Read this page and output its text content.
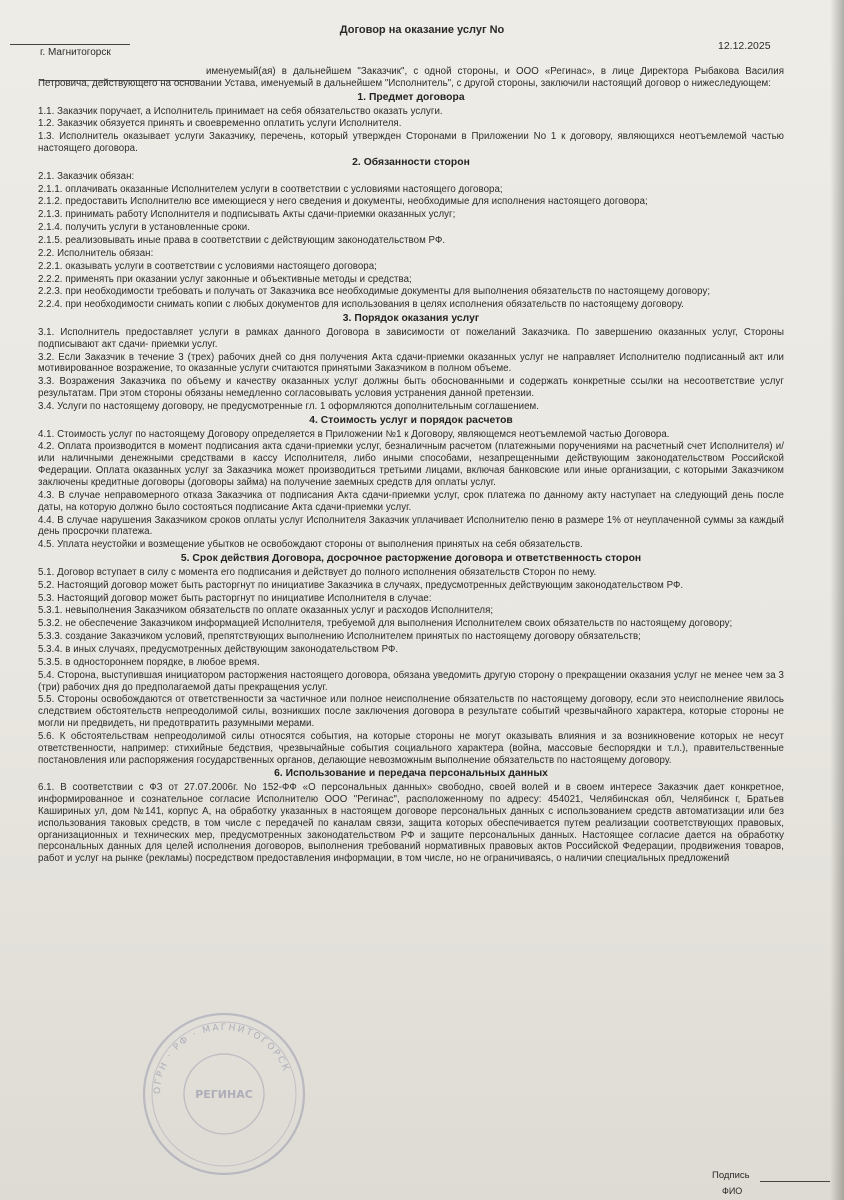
Договор на оказание услуг No
г. Магнитогорск
12.12.2025

именуемый(ая) в дальнейшем "Заказчик", с одной стороны, и ООО «Регинас», в лице Директора Рыбакова Василия Петровича, действующего на основании Устава, именуемый в дальнейшем "Исполнитель", с другой стороны, заключили настоящий договор о нижеследующем:

1. Предмет договора

1.1. Заказчик поручает, а Исполнитель принимает на себя обязательство оказать услуги.

1.2. Заказчик обязуется принять и своевременно оплатить услуги Исполнителя.

1.3. Исполнитель оказывает услуги Заказчику, перечень, который утвержден Сторонами в Приложении No 1 к договору, являющихся неотъемлемой частью настоящего договора.

2. Обязанности сторон

2.1. Заказчик обязан:

2.1.1. оплачивать оказанные Исполнителем услуги в соответствии с условиями настоящего договора;

2.1.2. предоставить Исполнителю все имеющиеся у него сведения и документы, необходимые для исполнения настоящего договора;

2.1.3. принимать работу Исполнителя и подписывать Акты сдачи-приемки оказанных услуг;

2.1.4. получить услуги в установленные сроки.

2.1.5. реализовывать иные права в соответствии с действующим законодательством РФ.

2.2. Исполнитель обязан:

2.2.1. оказывать услуги в соответствии с условиями настоящего договора;

2.2.2. применять при оказании услуг законные и объективные методы и средства;

2.2.3. при необходимости требовать и получать от Заказчика все необходимые документы для выполнения обязательств по настоящему договору;

2.2.4. при необходимости снимать копии с любых документов для использования в целях исполнения обязательств по настоящему договору.

3. Порядок оказания услуг

3.1. Исполнитель предоставляет услуги в рамках данного Договора в зависимости от пожеланий Заказчика. По завершению оказанных услуг, Стороны подписывают акт сдачи- приемки услуг.

3.2. Если Заказчик в течение 3 (трех) рабочих дней со дня получения Акта сдачи-приемки оказанных услуг не направляет Исполнителю подписанный акт или мотивированное возражение, то оказанные услуги считаются принятыми Заказчиком в полном объеме.

3.3. Возражения Заказчика по объему и качеству оказанных услуг должны быть обоснованными и содержать конкретные ссылки на несоответствие услуг результатам. При этом стороны обязаны немедленно согласовывать условия устранения данной претензии.

3.4. Услуги по настоящему договору, не предусмотренные гл. 1 оформляются дополнительным соглашением.

4. Стоимость услуг и порядок расчетов

4.1. Стоимость услуг по настоящему Договору определяется в Приложении №1 к Договору, являющемся неотъемлемой частью Договора.

4.2. Оплата производится в момент подписания акта сдачи-приемки услуг, безналичным расчетом (платежными поручениями на расчетный счет Исполнителя) и/ или наличными денежными средствами в кассу Исполнителя, либо иными способами, незапрещенными действующим законодательством Российской Федерации. Оплата оказанных услуг за Заказчика может производиться третьими лицами, включая банковские или иные организации, с которыми Заказчиком заключены кредитные договоры (договоры займа) на получение заемных средств для оплаты услуг.

4.3. В случае неправомерного отказа Заказчика от подписания Акта сдачи-приемки услуг, срок платежа по данному акту наступает на следующий день после даты, на которую должно было состояться подписание Акта сдачи-приемки услуг.

4.4. В случае нарушения Заказчиком сроков оплаты услуг Исполнителя Заказчик уплачивает Исполнителю пеню в размере 1% от неуплаченной суммы за каждый день просрочки платежа.

4.5. Уплата неустойки и возмещение убытков не освобождают стороны от выполнения принятых на себя обязательств.

5. Срок действия Договора, досрочное расторжение договора и ответственность сторон

5.1. Договор вступает в силу с момента его подписания и действует до полного исполнения обязательств Сторон по нему.

5.2. Настоящий договор может быть расторгнут по инициативе Заказчика в случаях, предусмотренных действующим законодательством РФ.

5.3. Настоящий договор может быть расторгнут по инициативе Исполнителя в случае:

5.3.1. невыполнения Заказчиком обязательств по оплате оказанных услуг и расходов Исполнителя;

5.3.2. не обеспечение Заказчиком информацией Исполнителя, требуемой для выполнения Исполнителем своих обязательств по настоящему договору;

5.3.3. создание Заказчиком условий, препятствующих выполнению Исполнителем принятых по настоящему договору обязательств;

5.3.4. в иных случаях, предусмотренных действующим законодательством РФ.

5.3.5. в одностороннем порядке, в любое время.

5.4. Сторона, выступившая инициатором расторжения настоящего договора, обязана уведомить другую сторону о прекращении оказания услуг не менее чем за 3 (три) рабочих дня до предполагаемой даты прекращения услуг.

5.5. Стороны освобождаются от ответственности за частичное или полное неисполнение обязательств по настоящему договору, если это неисполнение явилось следствием обстоятельств непреодолимой силы, возникших после заключения договора в результате событий чрезвычайного характера, которые стороны не могли ни предвидеть, ни предотвратить разумными мерами.

5.6. К обстоятельствам непреодолимой силы относятся события, на которые стороны не могут оказывать влияния и за возникновение которых не несут ответственности, например: стихийные бедствия, чрезвычайные события социального характера (война, массовые беспорядки и т.л.), правительственные постановления или распоряжения государственных органов, делающие невозможным выполнение обязательств по настоящему договору.

6. Использование и передача персональных данных

6.1. В соответствии с ФЗ от 27.07.2006г. No 152-ФФ «О персональных данных» свободно, своей волей и в своем интересе Заказчик дает конкретное, информированное и сознательное согласие Исполнителю ООО "Регинас", расположенному по адресу: 454021, Челябинская обл, Челябинск г, Братьев Кашириных ул, дом №141, корпус А, на обработку указанных в настоящем договоре персональных данных с использованием средств автоматизации или без использования таковых средств, в том числе с передачей по каналам связи, защита которых обеспечивается путем реализации соответствующих правовых, организационных и технических мер, предусмотренных законодательством РФ и защите персональных данных. Настоящее согласие дается на обработку персональных данных для целей исполнения договоров, выполнения требований нормативных правовых актов Российской Федерации, продвижения товаров, работ и услуг на рынке (рекламы) посредством предоставления информации, в том числе, но не ограничиваясь, о наличии специальных предложений

ОГРН · РФ · МАГНИТОГОРСК
РЕГИНАС
Подпись
ФИО
